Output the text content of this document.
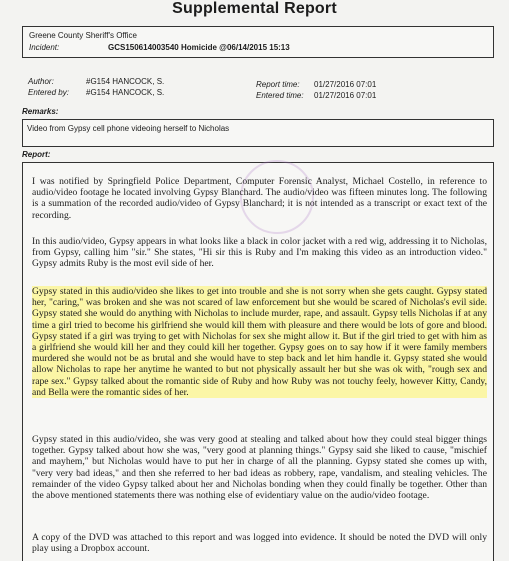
Supplemental Report
Greene County Sheriff's Office
Incident:	GCS150614003540 Homicide @06/14/2015 15:13
Author:	#G154 HANCOCK, S.
Entered by: #G154 HANCOCK, S.
Report time: 01/27/2016 07:01
Entered time: 01/27/2016 07:01
Remarks:
Video from Gypsy cell phone videoing herself to Nicholas
Report:

I was notified by Springfield Police Department, Computer Forensic Analyst, Michael Costello, in reference to audio/video footage he located involving Gypsy Blanchard. The audio/video was fifteen minutes long. The following is a summation of the recorded audio/video of Gypsy Blanchard; it is not intended as a transcript or exact text of the recording.

In this audio/video, Gypsy appears in what looks like a black in color jacket with a red wig, addressing it to Nicholas, from Gypsy, calling him "sir." She states, "Hi sir this is Ruby and I'm making this video as an introduction video." Gypsy admits Ruby is the most evil side of her.

Gypsy stated in this audio/video she likes to get into trouble and she is not sorry when she gets caught. Gypsy stated her, "caring," was broken and she was not scared of law enforcement but she would be scared of Nicholas's evil side. Gypsy stated she would do anything with Nicholas to include murder, rape, and assault. Gypsy tells Nicholas if at any time a girl tried to become his girlfriend she would kill them with pleasure and there would be lots of gore and blood. Gypsy stated if a girl was trying to get with Nicholas for sex she might allow it. But if the girl tried to get with him as a girlfriend she would kill her and they could kill her together. Gypsy goes on to say how if it were family members murdered she would not be as brutal and she would have to step back and let him handle it. Gypsy stated she would allow Nicholas to rape her anytime he wanted to but not physically assault her but she was ok with, "rough sex and rape sex." Gypsy talked about the romantic side of Ruby and how Ruby was not touchy feely, however Kitty, Candy, and Bella were the romantic sides of her.

Gypsy stated in this audio/video, she was very good at stealing and talked about how they could steal bigger things together. Gypsy talked about how she was, "very good at planning things." Gypsy said she liked to cause, "mischief and mayhem," but Nicholas would have to put her in charge of all the planning. Gypsy stated she comes up with, "very very bad ideas," and then she referred to her bad ideas as robbery, rape, vandalism, and stealing vehicles. The remainder of the video Gypsy talked about her and Nicholas bonding when they could finally be together. Other than the above mentioned statements there was nothing else of evidentiary value on the audio/video footage.

A copy of the DVD was attached to this report and was logged into evidence. It should be noted the DVD will only play using a Dropbox account.
